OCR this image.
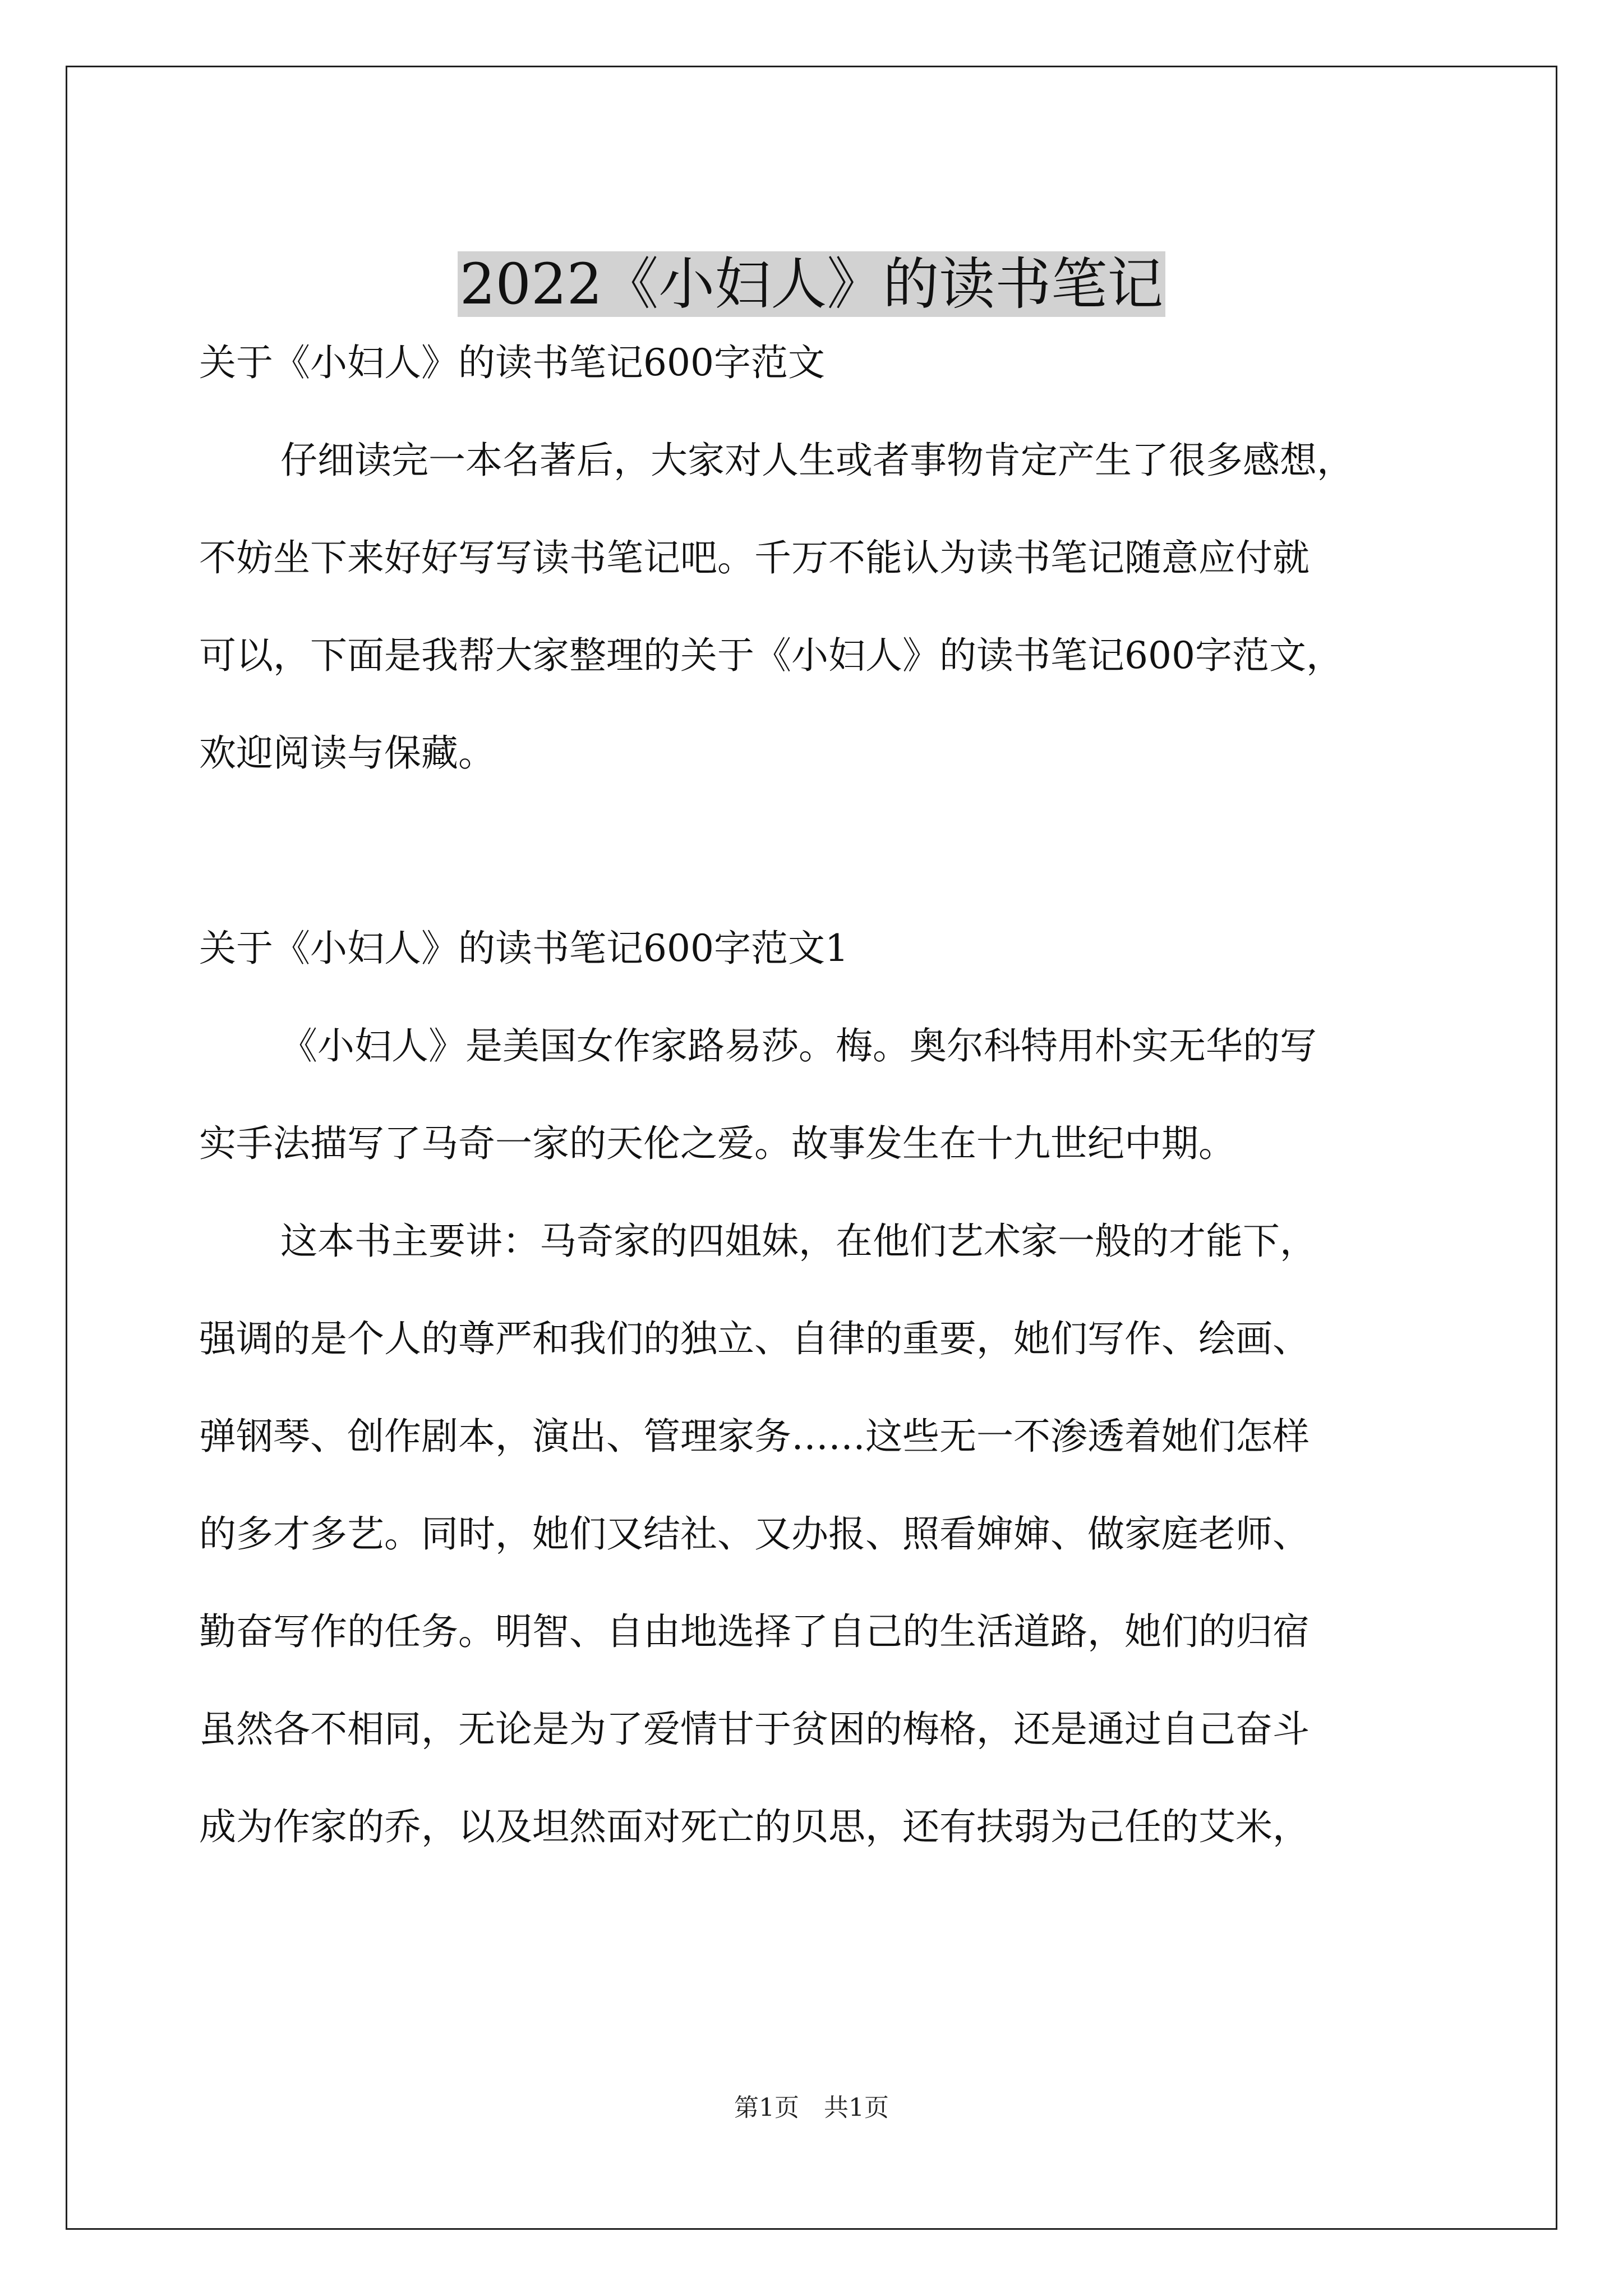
2022《小妇人》的读书笔记
关于《小妇人》的读书笔记600字范文
仔细读完一本名著后，大家对人生或者事物肯定产生了很多感想，
不妨坐下来好好写写读书笔记吧。千万不能认为读书笔记随意应付就
可以，下面是我帮大家整理的关于《小妇人》的读书笔记600字范文，
欢迎阅读与保藏。
关于《小妇人》的读书笔记600字范文1
《小妇人》是美国女作家路易莎。梅。奥尔科特用朴实无华的写
实手法描写了马奇一家的天伦之爱。故事发生在十九世纪中期。
这本书主要讲：马奇家的四姐妹，在他们艺术家一般的才能下，
强调的是个人的尊严和我们的独立、自律的重要，她们写作、绘画、
弹钢琴、创作剧本，演出、管理家务……这些无一不渗透着她们怎样
的多才多艺。同时，她们又结社、又办报、照看婶婶、做家庭老师、
勤奋写作的任务。明智、自由地选择了自己的生活道路，她们的归宿
虽然各不相同，无论是为了爱情甘于贫困的梅格，还是通过自己奋斗
成为作家的乔，以及坦然面对死亡的贝思，还有扶弱为己任的艾米，
第1页　共1页
